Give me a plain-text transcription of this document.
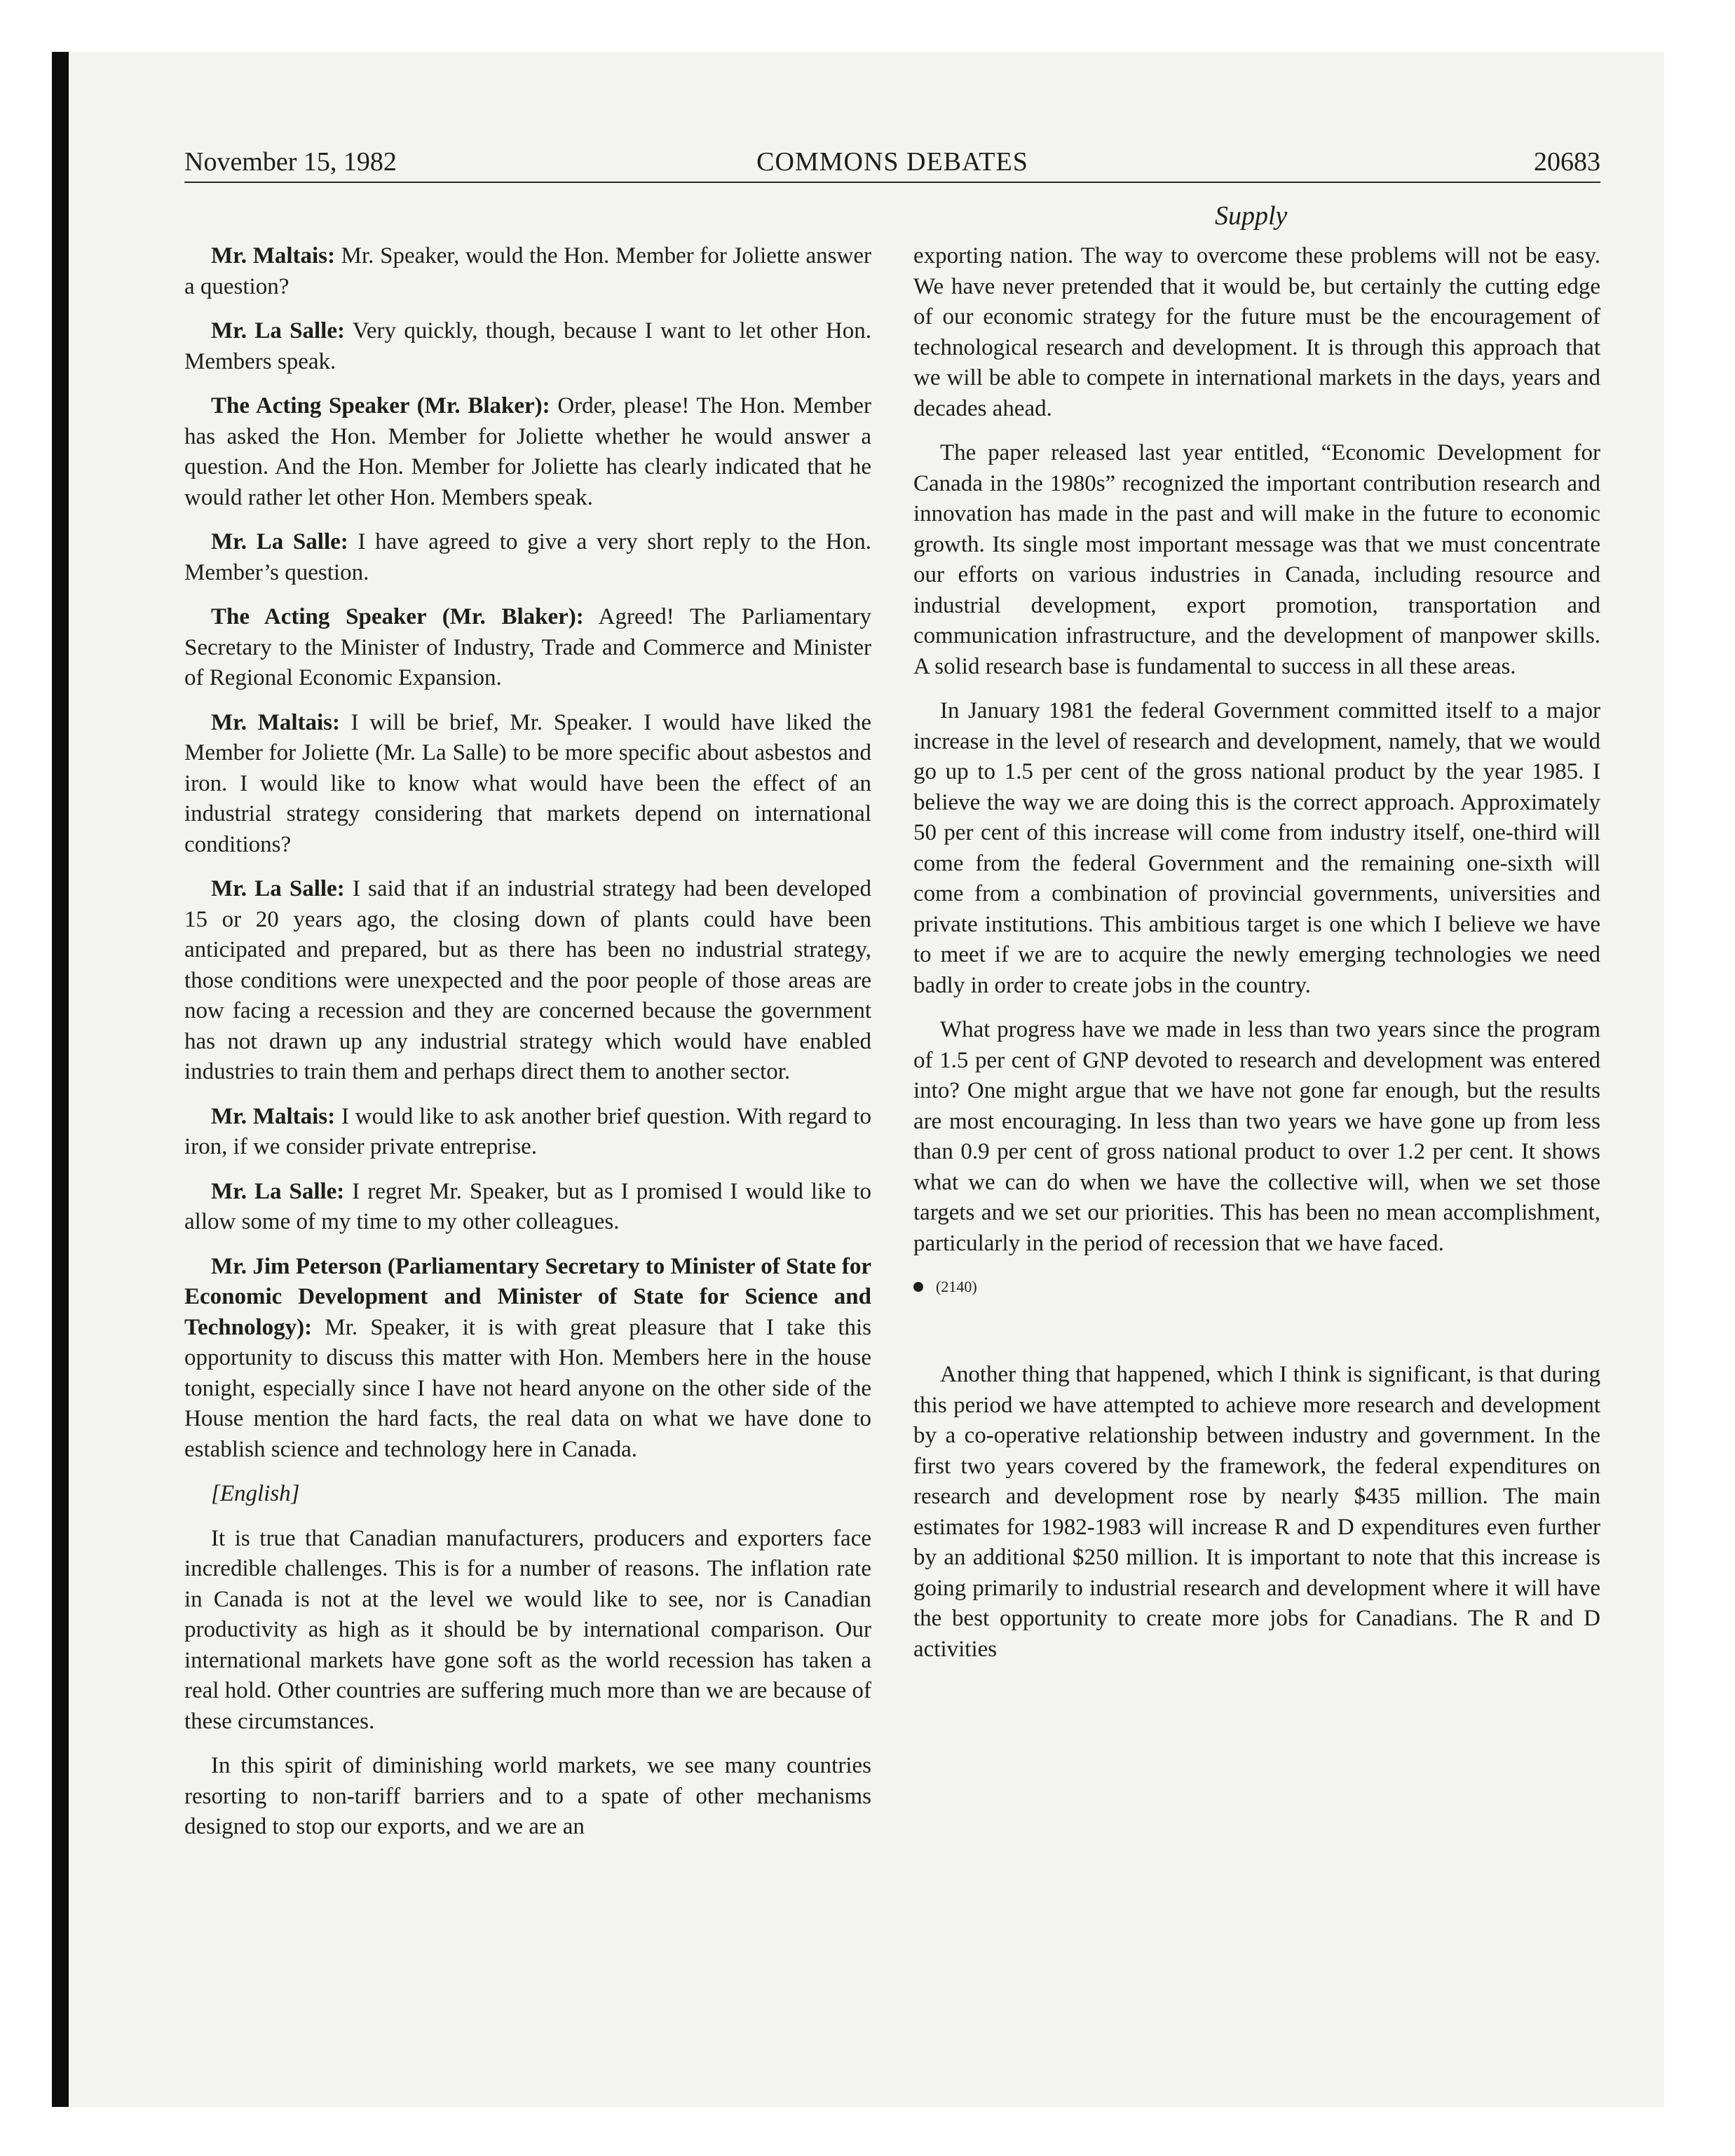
November 15, 1982	COMMONS DEBATES	20683
Supply

Mr. Maltais: Mr. Speaker, would the Hon. Member for Joliette answer a question?

Mr. La Salle: Very quickly, though, because I want to let other Hon. Members speak.

The Acting Speaker (Mr. Blaker): Order, please! The Hon. Member has asked the Hon. Member for Joliette whether he would answer a question. And the Hon. Member for Joliette has clearly indicated that he would rather let other Hon. Members speak.

Mr. La Salle: I have agreed to give a very short reply to the Hon. Member’s question.

The Acting Speaker (Mr. Blaker): Agreed! The Parliamentary Secretary to the Minister of Industry, Trade and Commerce and Minister of Regional Economic Expansion.

Mr. Maltais: I will be brief, Mr. Speaker. I would have liked the Member for Joliette (Mr. La Salle) to be more specific about asbestos and iron. I would like to know what would have been the effect of an industrial strategy considering that markets depend on international conditions?

Mr. La Salle: I said that if an industrial strategy had been developed 15 or 20 years ago, the closing down of plants could have been anticipated and prepared, but as there has been no industrial strategy, those conditions were unexpected and the poor people of those areas are now facing a recession and they are concerned because the government has not drawn up any industrial strategy which would have enabled industries to train them and perhaps direct them to another sector.

Mr. Maltais: I would like to ask another brief question. With regard to iron, if we consider private entreprise.

Mr. La Salle: I regret Mr. Speaker, but as I promised I would like to allow some of my time to my other colleagues.

Mr. Jim Peterson (Parliamentary Secretary to Minister of State for Economic Development and Minister of State for Science and Technology): Mr. Speaker, it is with great pleasure that I take this opportunity to discuss this matter with Hon. Members here in the house tonight, especially since I have not heard anyone on the other side of the House mention the hard facts, the real data on what we have done to establish science and technology here in Canada.

[English]

It is true that Canadian manufacturers, producers and exporters face incredible challenges. This is for a number of reasons. The inflation rate in Canada is not at the level we would like to see, nor is Canadian productivity as high as it should be by international comparison. Our international markets have gone soft as the world recession has taken a real hold. Other countries are suffering much more than we are because of these circumstances.

In this spirit of diminishing world markets, we see many countries resorting to non-tariff barriers and to a spate of other mechanisms designed to stop our exports, and we are an

exporting nation. The way to overcome these problems will not be easy. We have never pretended that it would be, but certainly the cutting edge of our economic strategy for the future must be the encouragement of technological research and development. It is through this approach that we will be able to compete in international markets in the days, years and decades ahead.

The paper released last year entitled, “Economic Development for Canada in the 1980s” recognized the important contribution research and innovation has made in the past and will make in the future to economic growth. Its single most important message was that we must concentrate our efforts on various industries in Canada, including resource and industrial development, export promotion, transportation and communication infrastructure, and the development of manpower skills. A solid research base is fundamental to success in all these areas.

In January 1981 the federal Government committed itself to a major increase in the level of research and development, namely, that we would go up to 1.5 per cent of the gross national product by the year 1985. I believe the way we are doing this is the correct approach. Approximately 50 per cent of this increase will come from industry itself, one-third will come from the federal Government and the remaining one-sixth will come from a combination of provincial governments, universities and private institutions. This ambitious target is one which I believe we have to meet if we are to acquire the newly emerging technologies we need badly in order to create jobs in the country.

What progress have we made in less than two years since the program of 1.5 per cent of GNP devoted to research and development was entered into? One might argue that we have not gone far enough, but the results are most encouraging. In less than two years we have gone up from less than 0.9 per cent of gross national product to over 1.2 per cent. It shows what we can do when we have the collective will, when we set those targets and we set our priorities. This has been no mean accomplishment, particularly in the period of recession that we have faced.

(2140)

Another thing that happened, which I think is significant, is that during this period we have attempted to achieve more research and development by a co-operative relationship between industry and government. In the first two years covered by the framework, the federal expenditures on research and development rose by nearly $435 million. The main estimates for 1982-1983 will increase R and D expenditures even further by an additional $250 million. It is important to note that this increase is going primarily to industrial research and development where it will have the best opportunity to create more jobs for Canadians. The R and D activities
